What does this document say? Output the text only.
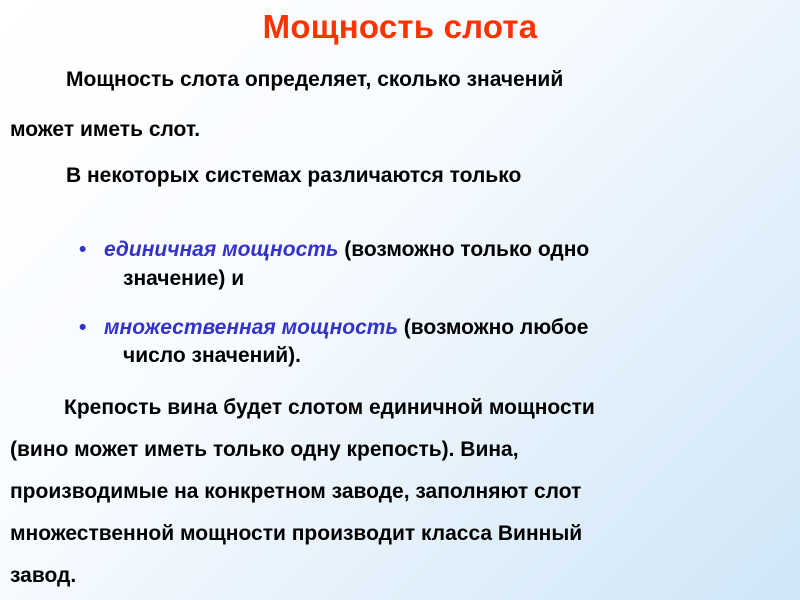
Мощность слота
Мощность слота определяет, сколько значений
может иметь слот.
В некоторых системах различаются только
• единичная мощность (возможно только одно
значение) и
• множественная мощность (возможно любое
число значений).
Крепость вина будет слотом единичной мощности
(вино может иметь только одну крепость). Вина,
производимые на конкретном заводе, заполняют слот
множественной мощности производит класса Винный
завод.
